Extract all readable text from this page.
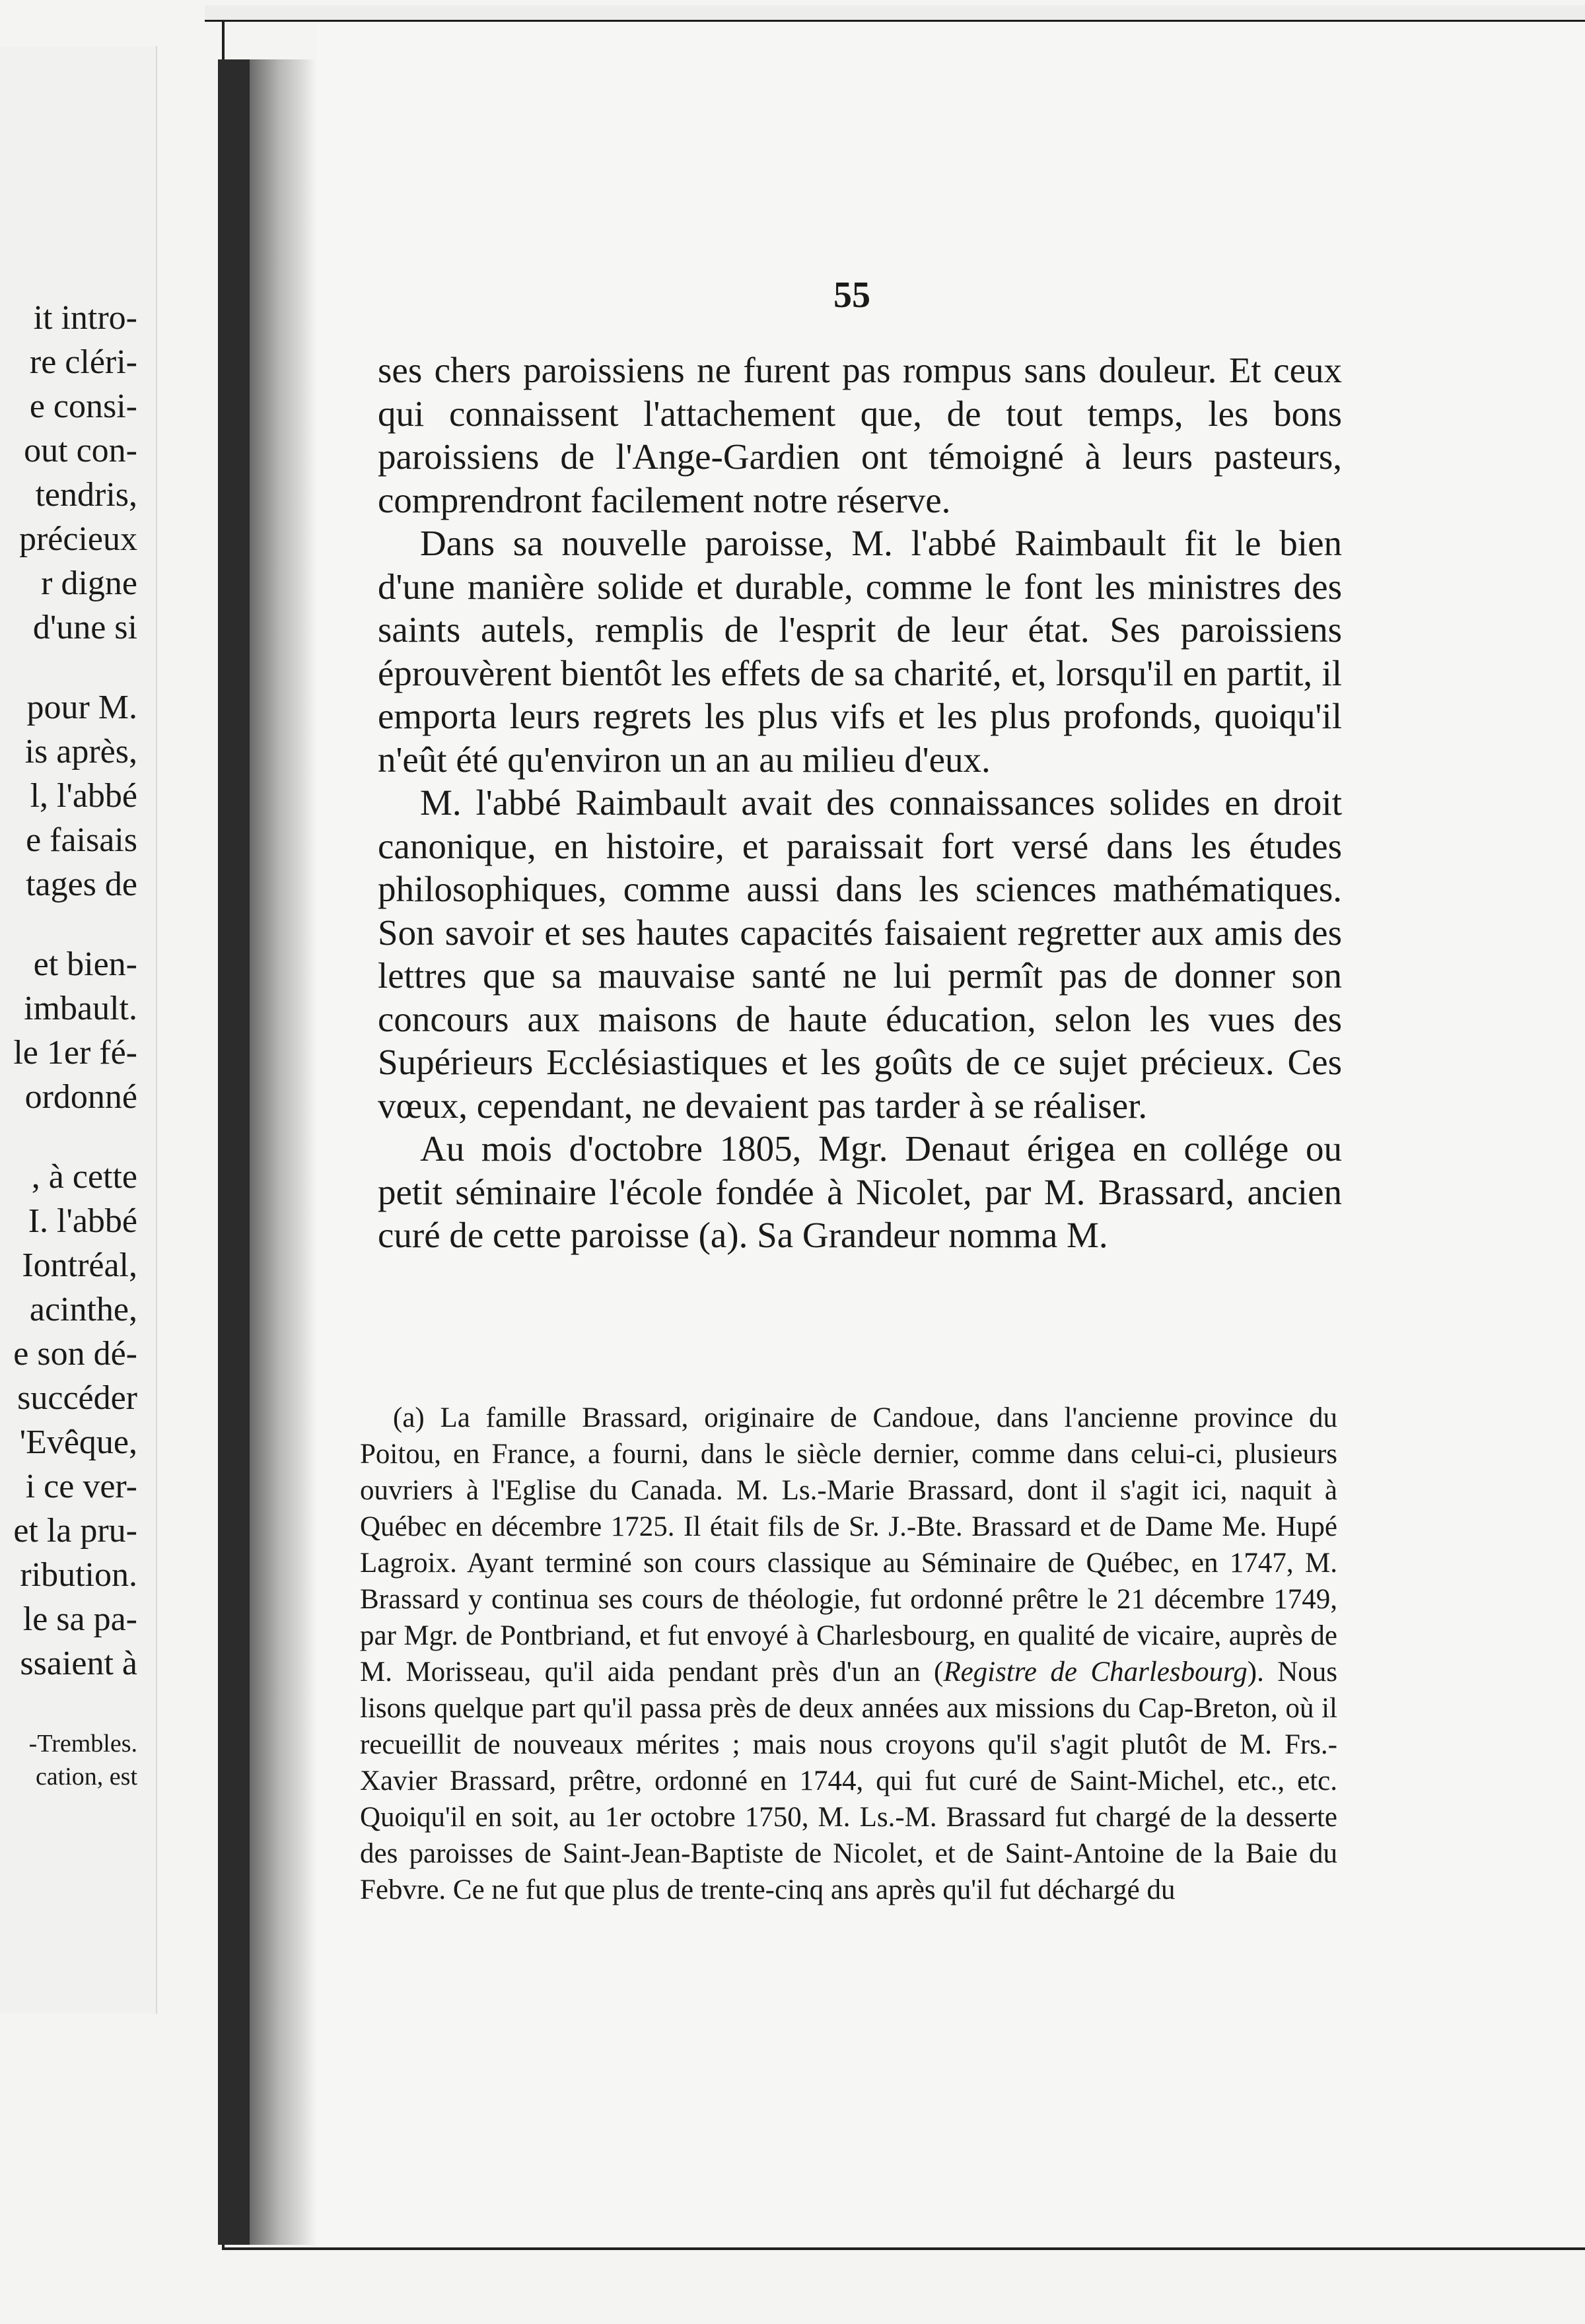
it intro-
re cléri-
e consi-
out con-
tendris,
précieux
r digne
d'une si
pour M.
is après,
l, l'abbé
e faisais
tages de
et bien-
imbault.
le 1er fé-
ordonné
, à cette
I. l'abbé
Iontréal,
acinthe,
e son dé-
succéder
'Evêque,
i ce ver-
et la pru-
ribution.
le sa pa-
ssaient à
-Trembles.
cation, est
55

ses chers paroissiens ne furent pas rompus sans douleur. Et ceux qui connaissent l'attachement que, de tout temps, les bons paroissiens de l'Ange-Gardien ont témoigné à leurs pasteurs, comprendront facilement notre réserve.

Dans sa nouvelle paroisse, M. l'abbé Raimbault fit le bien d'une manière solide et durable, comme le font les ministres des saints autels, remplis de l'esprit de leur état. Ses paroissiens éprouvèrent bientôt les effets de sa charité, et, lorsqu'il en partit, il emporta leurs regrets les plus vifs et les plus profonds, quoiqu'il n'eût été qu'environ un an au milieu d'eux.

M. l'abbé Raimbault avait des connaissances solides en droit canonique, en histoire, et paraissait fort versé dans les études philosophiques, comme aussi dans les sciences mathématiques. Son savoir et ses hautes capacités faisaient regretter aux amis des lettres que sa mauvaise santé ne lui permît pas de donner son concours aux maisons de haute éducation, selon les vues des Supérieurs Ecclésiastiques et les goûts de ce sujet précieux. Ces vœux, cependant, ne devaient pas tarder à se réaliser.

Au mois d'octobre 1805, Mgr. Denaut érigea en collége ou petit séminaire l'école fondée à Nicolet, par M. Brassard, ancien curé de cette paroisse (a). Sa Grandeur nomma M.

(a) La famille Brassard, originaire de Candoue, dans l'ancienne province du Poitou, en France, a fourni, dans le siècle dernier, comme dans celui-ci, plusieurs ouvriers à l'Eglise du Canada. M. Ls.-Marie Brassard, dont il s'agit ici, naquit à Québec en décembre 1725. Il était fils de Sr. J.-Bte. Brassard et de Dame Me. Hupé Lagroix. Ayant terminé son cours classique au Séminaire de Québec, en 1747, M. Brassard y continua ses cours de théologie, fut ordonné prêtre le 21 décembre 1749, par Mgr. de Pontbriand, et fut envoyé à Charlesbourg, en qualité de vicaire, auprès de M. Morisseau, qu'il aida pendant près d'un an (Registre de Charlesbourg). Nous lisons quelque part qu'il passa près de deux années aux missions du Cap-Breton, où il recueillit de nouveaux mérites ; mais nous croyons qu'il s'agit plutôt de M. Frs.-Xavier Brassard, prêtre, ordonné en 1744, qui fut curé de Saint-Michel, etc., etc. Quoiqu'il en soit, au 1er octobre 1750, M. Ls.-M. Brassard fut chargé de la desserte des paroisses de Saint-Jean-Baptiste de Nicolet, et de Saint-Antoine de la Baie du Febvre. Ce ne fut que plus de trente-cinq ans après qu'il fut déchargé du
